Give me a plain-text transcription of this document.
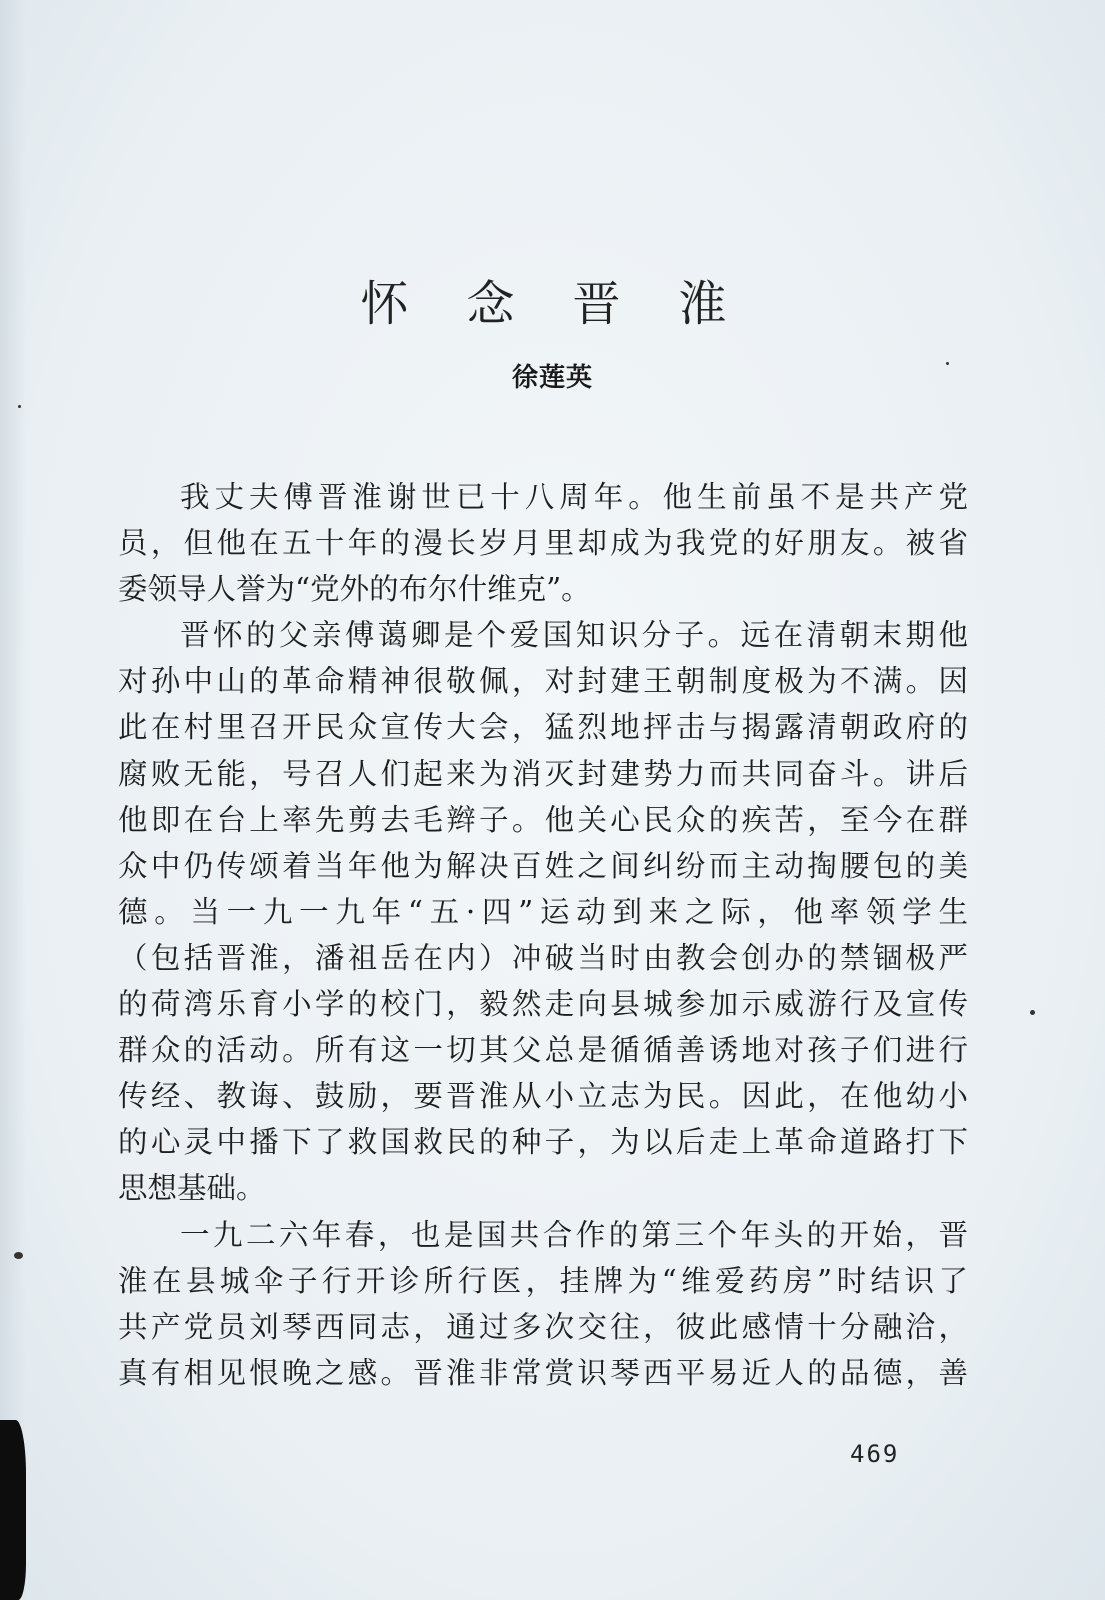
怀念晋淮
徐莲英
我丈夫傅晋淮谢世已十八周年。他生前虽不是共产党
员，但他在五十年的漫长岁月里却成为我党的好朋友。被省
委领导人誉为“党外的布尔什维克”。
晋怀的父亲傅蔼卿是个爱国知识分子。远在清朝末期他
对孙中山的革命精神很敬佩，对封建王朝制度极为不满。因
此在村里召开民众宣传大会，猛烈地抨击与揭露清朝政府的
腐败无能，号召人们起来为消灭封建势力而共同奋斗。讲后
他即在台上率先剪去毛辫子。他关心民众的疾苦，至今在群
众中仍传颂着当年他为解决百姓之间纠纷而主动掏腰包的美
德。当一九一九年“五·四”运动到来之际，他率领学生
（包括晋淮，潘祖岳在内）冲破当时由教会创办的禁锢极严
的荷湾乐育小学的校门，毅然走向县城参加示威游行及宣传
群众的活动。所有这一切其父总是循循善诱地对孩子们进行
传经、教诲、鼓励，要晋淮从小立志为民。因此，在他幼小
的心灵中播下了救国救民的种子，为以后走上革命道路打下
思想基础。
一九二六年春，也是国共合作的第三个年头的开始，晋
淮在县城伞子行开诊所行医，挂牌为“维爱药房”时结识了
共产党员刘琴西同志，通过多次交往，彼此感情十分融洽，
真有相见恨晚之感。晋淮非常赏识琴西平易近人的品德，善
469
